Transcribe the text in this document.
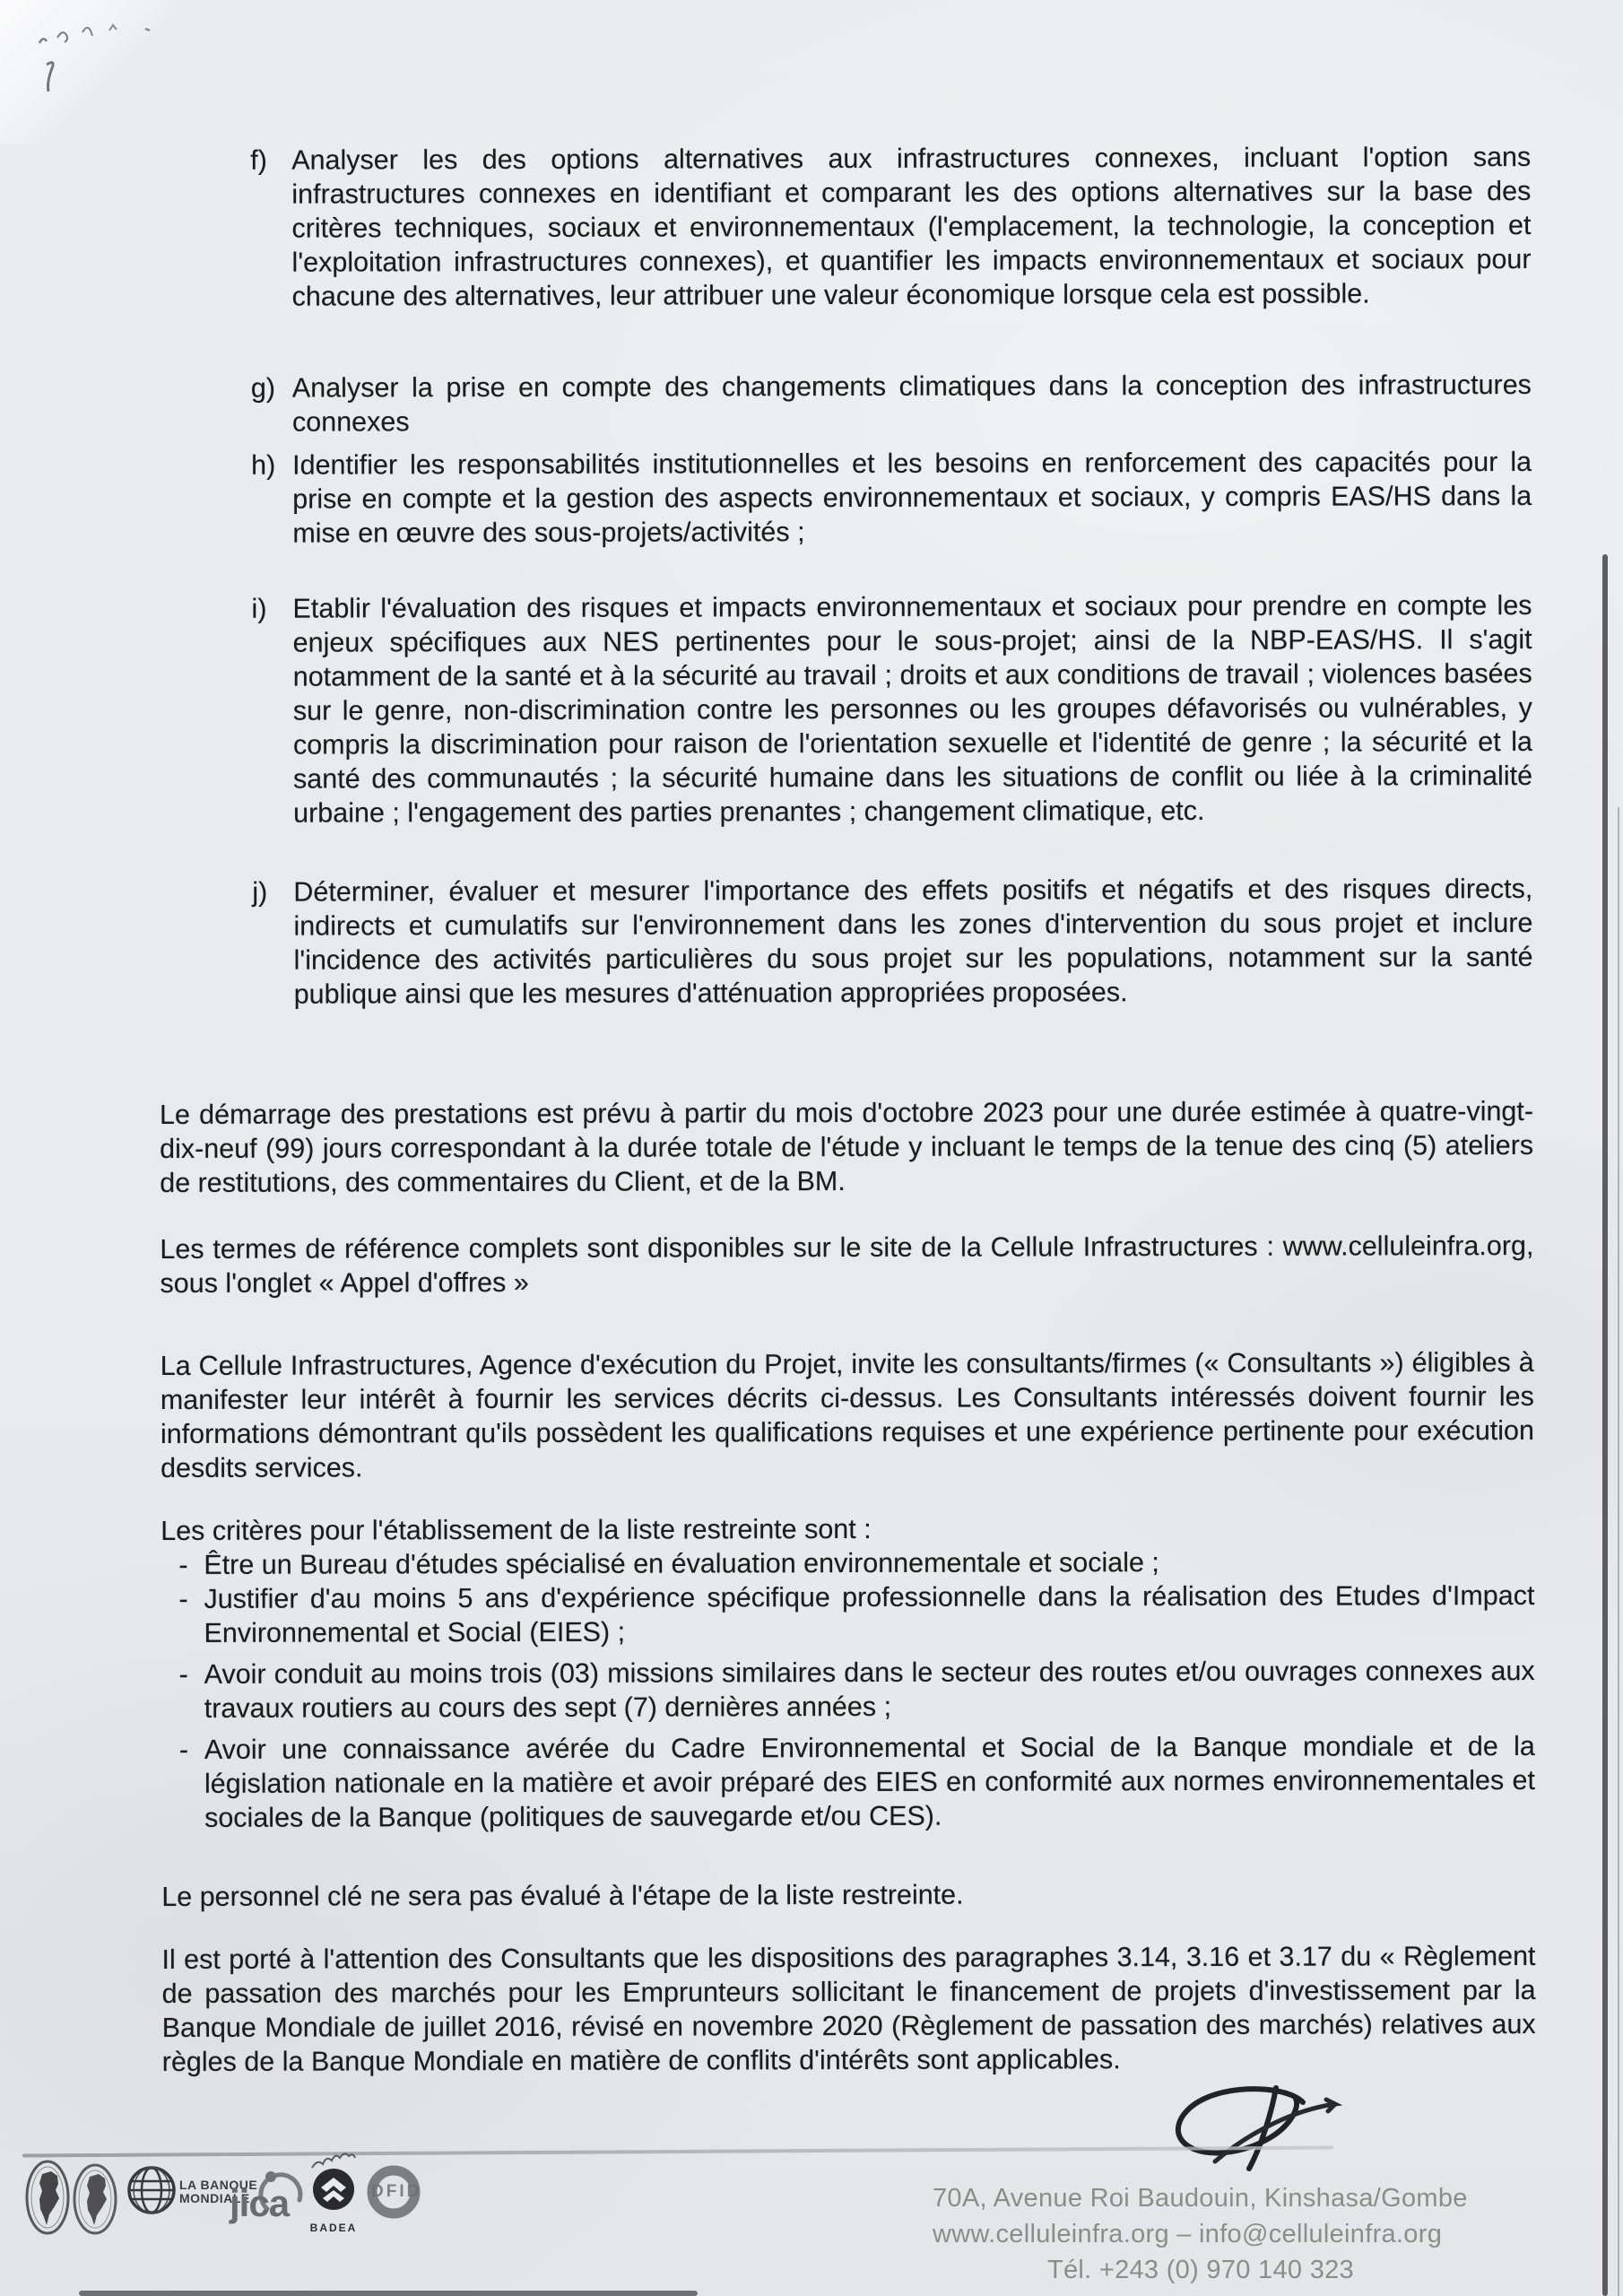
f) Analyser les des options alternatives aux infrastructures connexes, incluant l'option sans infrastructures connexes en identifiant et comparant les des options alternatives sur la base des critères techniques, sociaux et environnementaux (l'emplacement, la technologie, la conception et l'exploitation infrastructures connexes), et quantifier les impacts environnementaux et sociaux pour chacune des alternatives, leur attribuer une valeur économique lorsque cela est possible.

g) Analyser la prise en compte des changements climatiques dans la conception des infrastructures connexes

h) Identifier les responsabilités institutionnelles et les besoins en renforcement des capacités pour la prise en compte et la gestion des aspects environnementaux et sociaux, y compris EAS/HS dans la mise en œuvre des sous-projets/activités ;

i) Etablir l'évaluation des risques et impacts environnementaux et sociaux pour prendre en compte les enjeux spécifiques aux NES pertinentes pour le sous-projet; ainsi de la NBP-EAS/HS. Il s'agit notamment de la santé et à la sécurité au travail ; droits et aux conditions de travail ; violences basées sur le genre, non-discrimination contre les personnes ou les groupes défavorisés ou vulnérables, y compris la discrimination pour raison de l'orientation sexuelle et l'identité de genre ; la sécurité et la santé des communautés ; la sécurité humaine dans les situations de conflit ou liée à la criminalité urbaine ; l'engagement des parties prenantes ; changement climatique, etc.

j) Déterminer, évaluer et mesurer l'importance des effets positifs et négatifs et des risques directs, indirects et cumulatifs sur l'environnement dans les zones d'intervention du sous projet et inclure l'incidence des activités particulières du sous projet sur les populations, notamment sur la santé publique ainsi que les mesures d'atténuation appropriées proposées.

Le démarrage des prestations est prévu à partir du mois d'octobre 2023 pour une durée estimée à quatre-vingt-dix-neuf (99) jours correspondant à la durée totale de l'étude y incluant le temps de la tenue des cinq (5) ateliers de restitutions, des commentaires du Client, et de la BM.

Les termes de référence complets sont disponibles sur le site de la Cellule Infrastructures : www.celluleinfra.org, sous l'onglet « Appel d'offres »

La Cellule Infrastructures, Agence d'exécution du Projet, invite les consultants/firmes (« Consultants ») éligibles à manifester leur intérêt à fournir les services décrits ci-dessus. Les Consultants intéressés doivent fournir les informations démontrant qu'ils possèdent les qualifications requises et une expérience pertinente pour exécution desdits services.

Les critères pour l'établissement de la liste restreinte sont :

- Être un Bureau d'études spécialisé en évaluation environnementale et sociale ;

- Justifier d'au moins 5 ans d'expérience spécifique professionnelle dans la réalisation des Etudes d'Impact Environnemental et Social (EIES) ;

- Avoir conduit au moins trois (03) missions similaires dans le secteur des routes et/ou ouvrages connexes aux travaux routiers au cours des sept (7) dernières années ;

- Avoir une connaissance avérée du Cadre Environnemental et Social de la Banque mondiale et de la législation nationale en la matière et avoir préparé des EIES en conformité aux normes environnementales et sociales de la Banque (politiques de sauvegarde et/ou CES).

Le personnel clé ne sera pas évalué à l'étape de la liste restreinte.

Il est porté à l'attention des Consultants que les dispositions des paragraphes 3.14, 3.16 et 3.17 du « Règlement de passation des marchés pour les Emprunteurs sollicitant le financement de projets d'investissement par la Banque Mondiale de juillet 2016, révisé en novembre 2020 (Règlement de passation des marchés) relatives aux règles de la Banque Mondiale en matière de conflits d'intérêts sont applicables.

LA BANQUE
MONDIALE
jica
BADEA
DFID	70A, Avenue Roi Baudouin, Kinshasa/Gombe
www.celluleinfra.org – info@celluleinfra.org
Tél. +243 (0) 970 140 323
